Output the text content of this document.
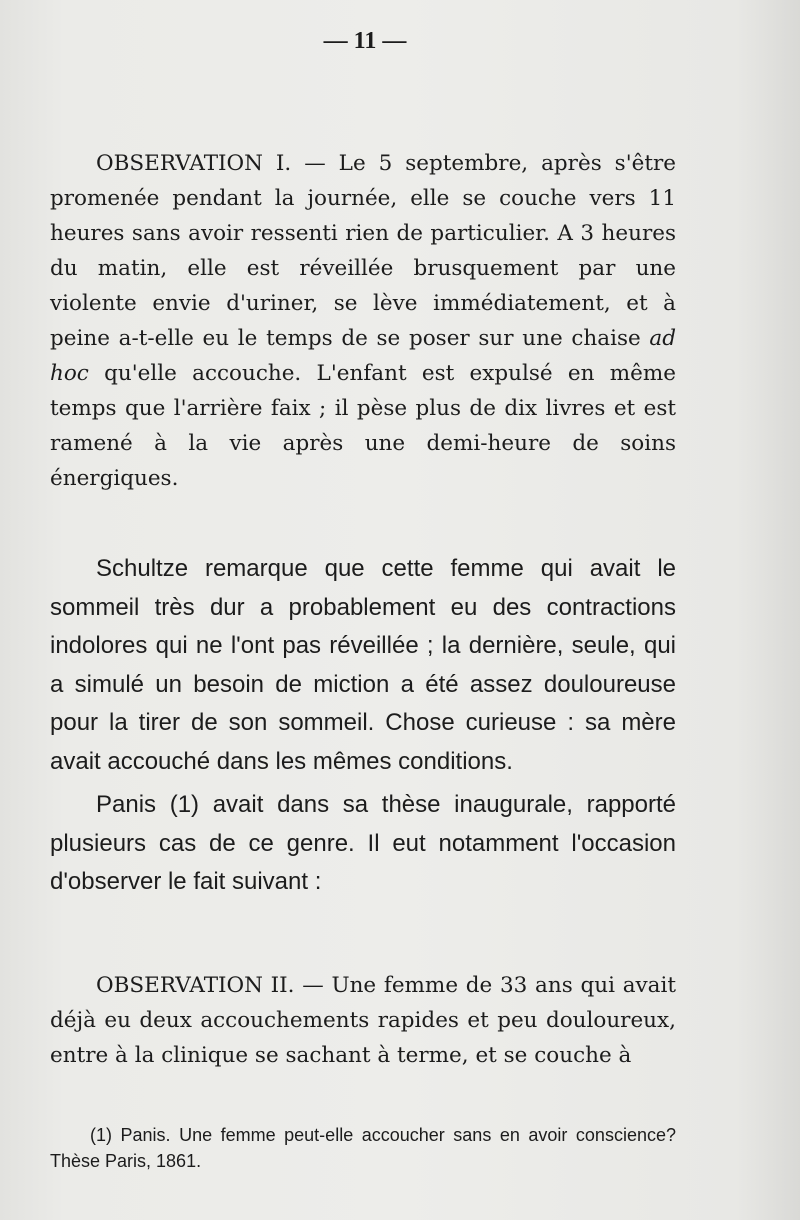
— 11 —
OBSERVATION I. — Le 5 septembre, après s'être promenée pendant la journée, elle se couche vers 11 heures sans avoir ressenti rien de particulier. A 3 heures du matin, elle est réveillée brusquement par une violente envie d'uriner, se lève immédiatement, et à peine a-t-elle eu le temps de se poser sur une chaise ad hoc qu'elle accouche. L'enfant est expulsé en même temps que l'arrière faix ; il pèse plus de dix livres et est ramené à la vie après une demi-heure de soins énergiques.
Schultze remarque que cette femme qui avait le sommeil très dur a probablement eu des contractions indolores qui ne l'ont pas réveillée ; la dernière, seule, qui a simulé un besoin de miction a été assez douloureuse pour la tirer de son sommeil. Chose curieuse : sa mère avait accouché dans les mêmes conditions.
Panis (1) avait dans sa thèse inaugurale, rapporté plusieurs cas de ce genre. Il eut notamment l'occasion d'observer le fait suivant :
OBSERVATION II. — Une femme de 33 ans qui avait déjà eu deux accouchements rapides et peu douloureux, entre à la clinique se sachant à terme, et se couche à
(1) Panis. Une femme peut-elle accoucher sans en avoir conscience? Thèse Paris, 1861.
